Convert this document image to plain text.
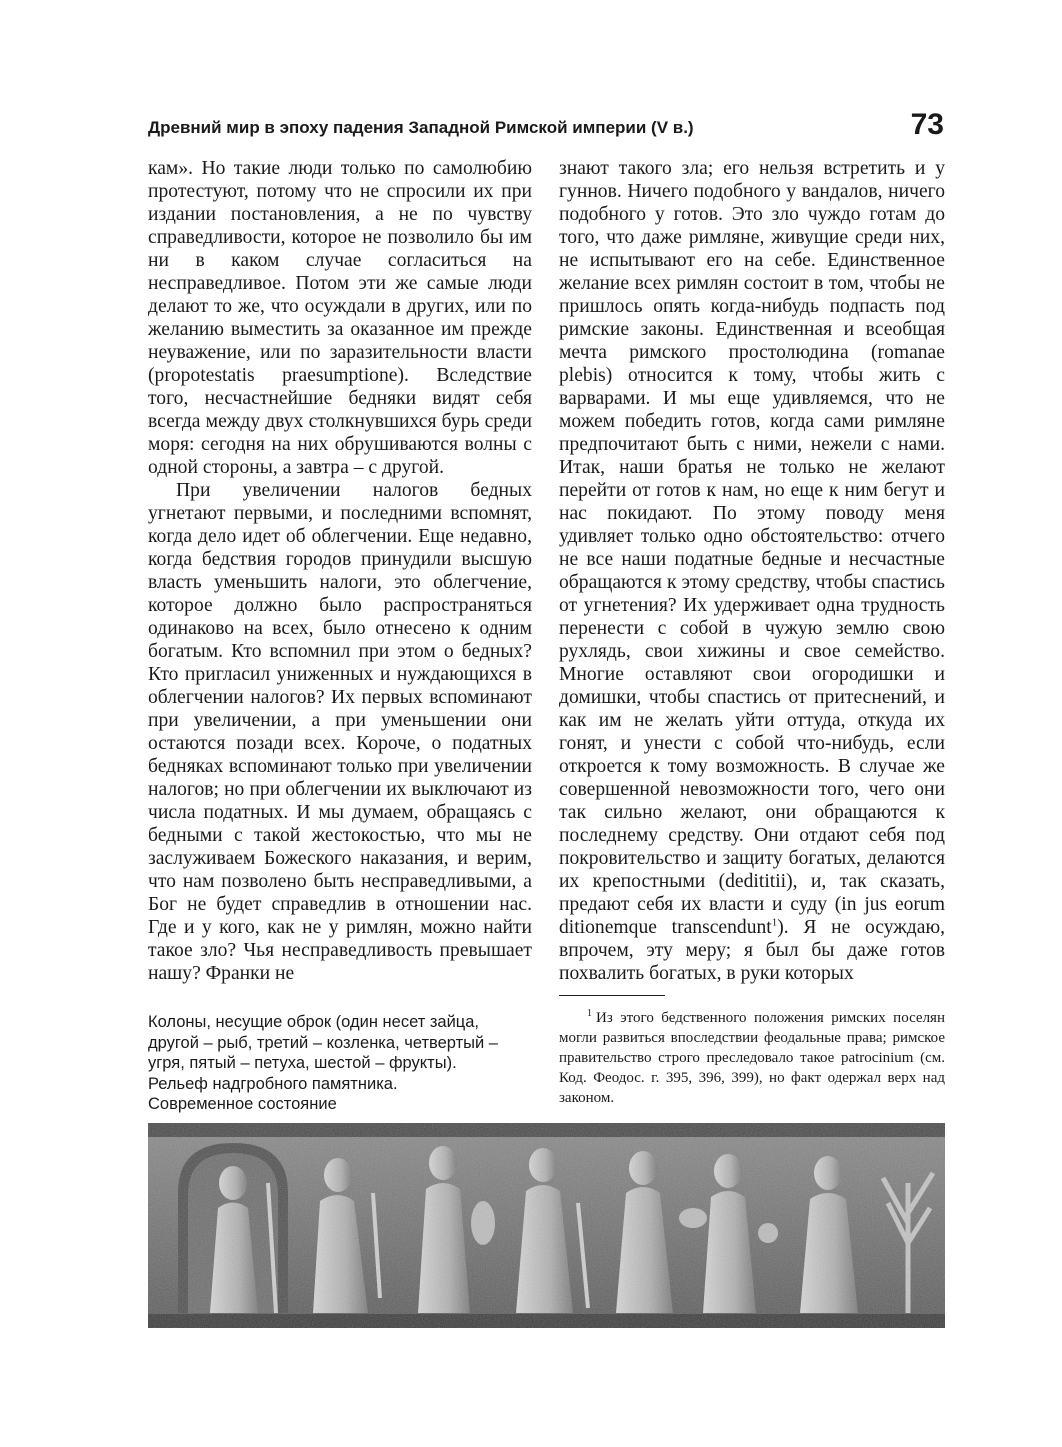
Древний мир в эпоху падения Западной Римской империи (V в.)	73

кам». Но такие люди только по самолюбию протестуют, потому что не спросили их при издании постановления, а не по чувству справедливости, которое не позволило бы им ни в каком случае согласиться на несправедливое. Потом эти же самые люди делают то же, что осуждали в других, или по желанию выместить за оказанное им прежде неуважение, или по заразительности власти (propotestatis praesumptione). Вследствие того, несчастнейшие бедняки видят себя всегда между двух столкнувшихся бурь среди моря: сегодня на них обрушиваются волны с одной стороны, а завтра – с другой.

При увеличении налогов бедных угнетают первыми, и последними вспомнят, когда дело идет об облегчении. Еще недавно, когда бедствия городов принудили высшую власть уменьшить налоги, это облегчение, которое должно было распространяться одинаково на всех, было отнесено к одним богатым. Кто вспомнил при этом о бедных? Кто пригласил униженных и нуждающихся в облегчении налогов? Их первых вспоминают при увеличении, а при уменьшении они остаются позади всех. Короче, о податных бедняках вспоминают только при увеличении налогов; но при облегчении их выключают из числа податных. И мы думаем, обращаясь с бедными с такой жестокостью, что мы не заслуживаем Божеского наказания, и верим, что нам позволено быть несправедливыми, а Бог не будет справедлив в отношении нас. Где и у кого, как не у римлян, можно найти такое зло? Чья несправедливость превышает нашу? Франки не

знают такого зла; его нельзя встретить и у гуннов. Ничего подобного у вандалов, ничего подобного у готов. Это зло чуждо готам до того, что даже римляне, живущие среди них, не испытывают его на себе. Единственное желание всех римлян состоит в том, чтобы не пришлось опять когда-нибудь подпасть под римские законы. Единственная и всеобщая мечта римского простолюдина (romanae plebis) относится к тому, чтобы жить с варварами. И мы еще удивляемся, что не можем победить готов, когда сами римляне предпочитают быть с ними, нежели с нами. Итак, наши братья не только не желают перейти от готов к нам, но еще к ним бегут и нас покидают. По этому поводу меня удивляет только одно обстоятельство: отчего не все наши податные бедные и несчастные обращаются к этому средству, чтобы спастись от угнетения? Их удерживает одна трудность перенести с собой в чужую землю свою рухлядь, свои хижины и свое семейство. Многие оставляют свои огородишки и домишки, чтобы спастись от притеснений, и как им не желать уйти оттуда, откуда их гонят, и унести с собой что-нибудь, если откроется к тому возможность. В случае же совершенной невозможности того, чего они так сильно желают, они обращаются к последнему средству. Они отдают себя под покровительство и защиту богатых, делаются их крепостными (dedititii), и, так сказать, предают себя их власти и суду (in jus eorum ditionemque transcendunt$^1$). Я не осуждаю, впрочем, эту меру; я был бы даже готов похвалить богатых, в руки которых

$^1$ Из этого бедственного положения римских поселян могли развиться впоследствии феодальные права; римское правительство строго преследовало такое patrocinium (см. Код. Феодос. г. 395, 396, 399), но факт одержал верх над законом.
Колоны, несущие оброк (один несет зайца,
другой – рыб, третий – козленка, четвертый –
угря, пятый – петуха, шестой – фрукты).
Рельеф надгробного памятника.
Современное состояние
